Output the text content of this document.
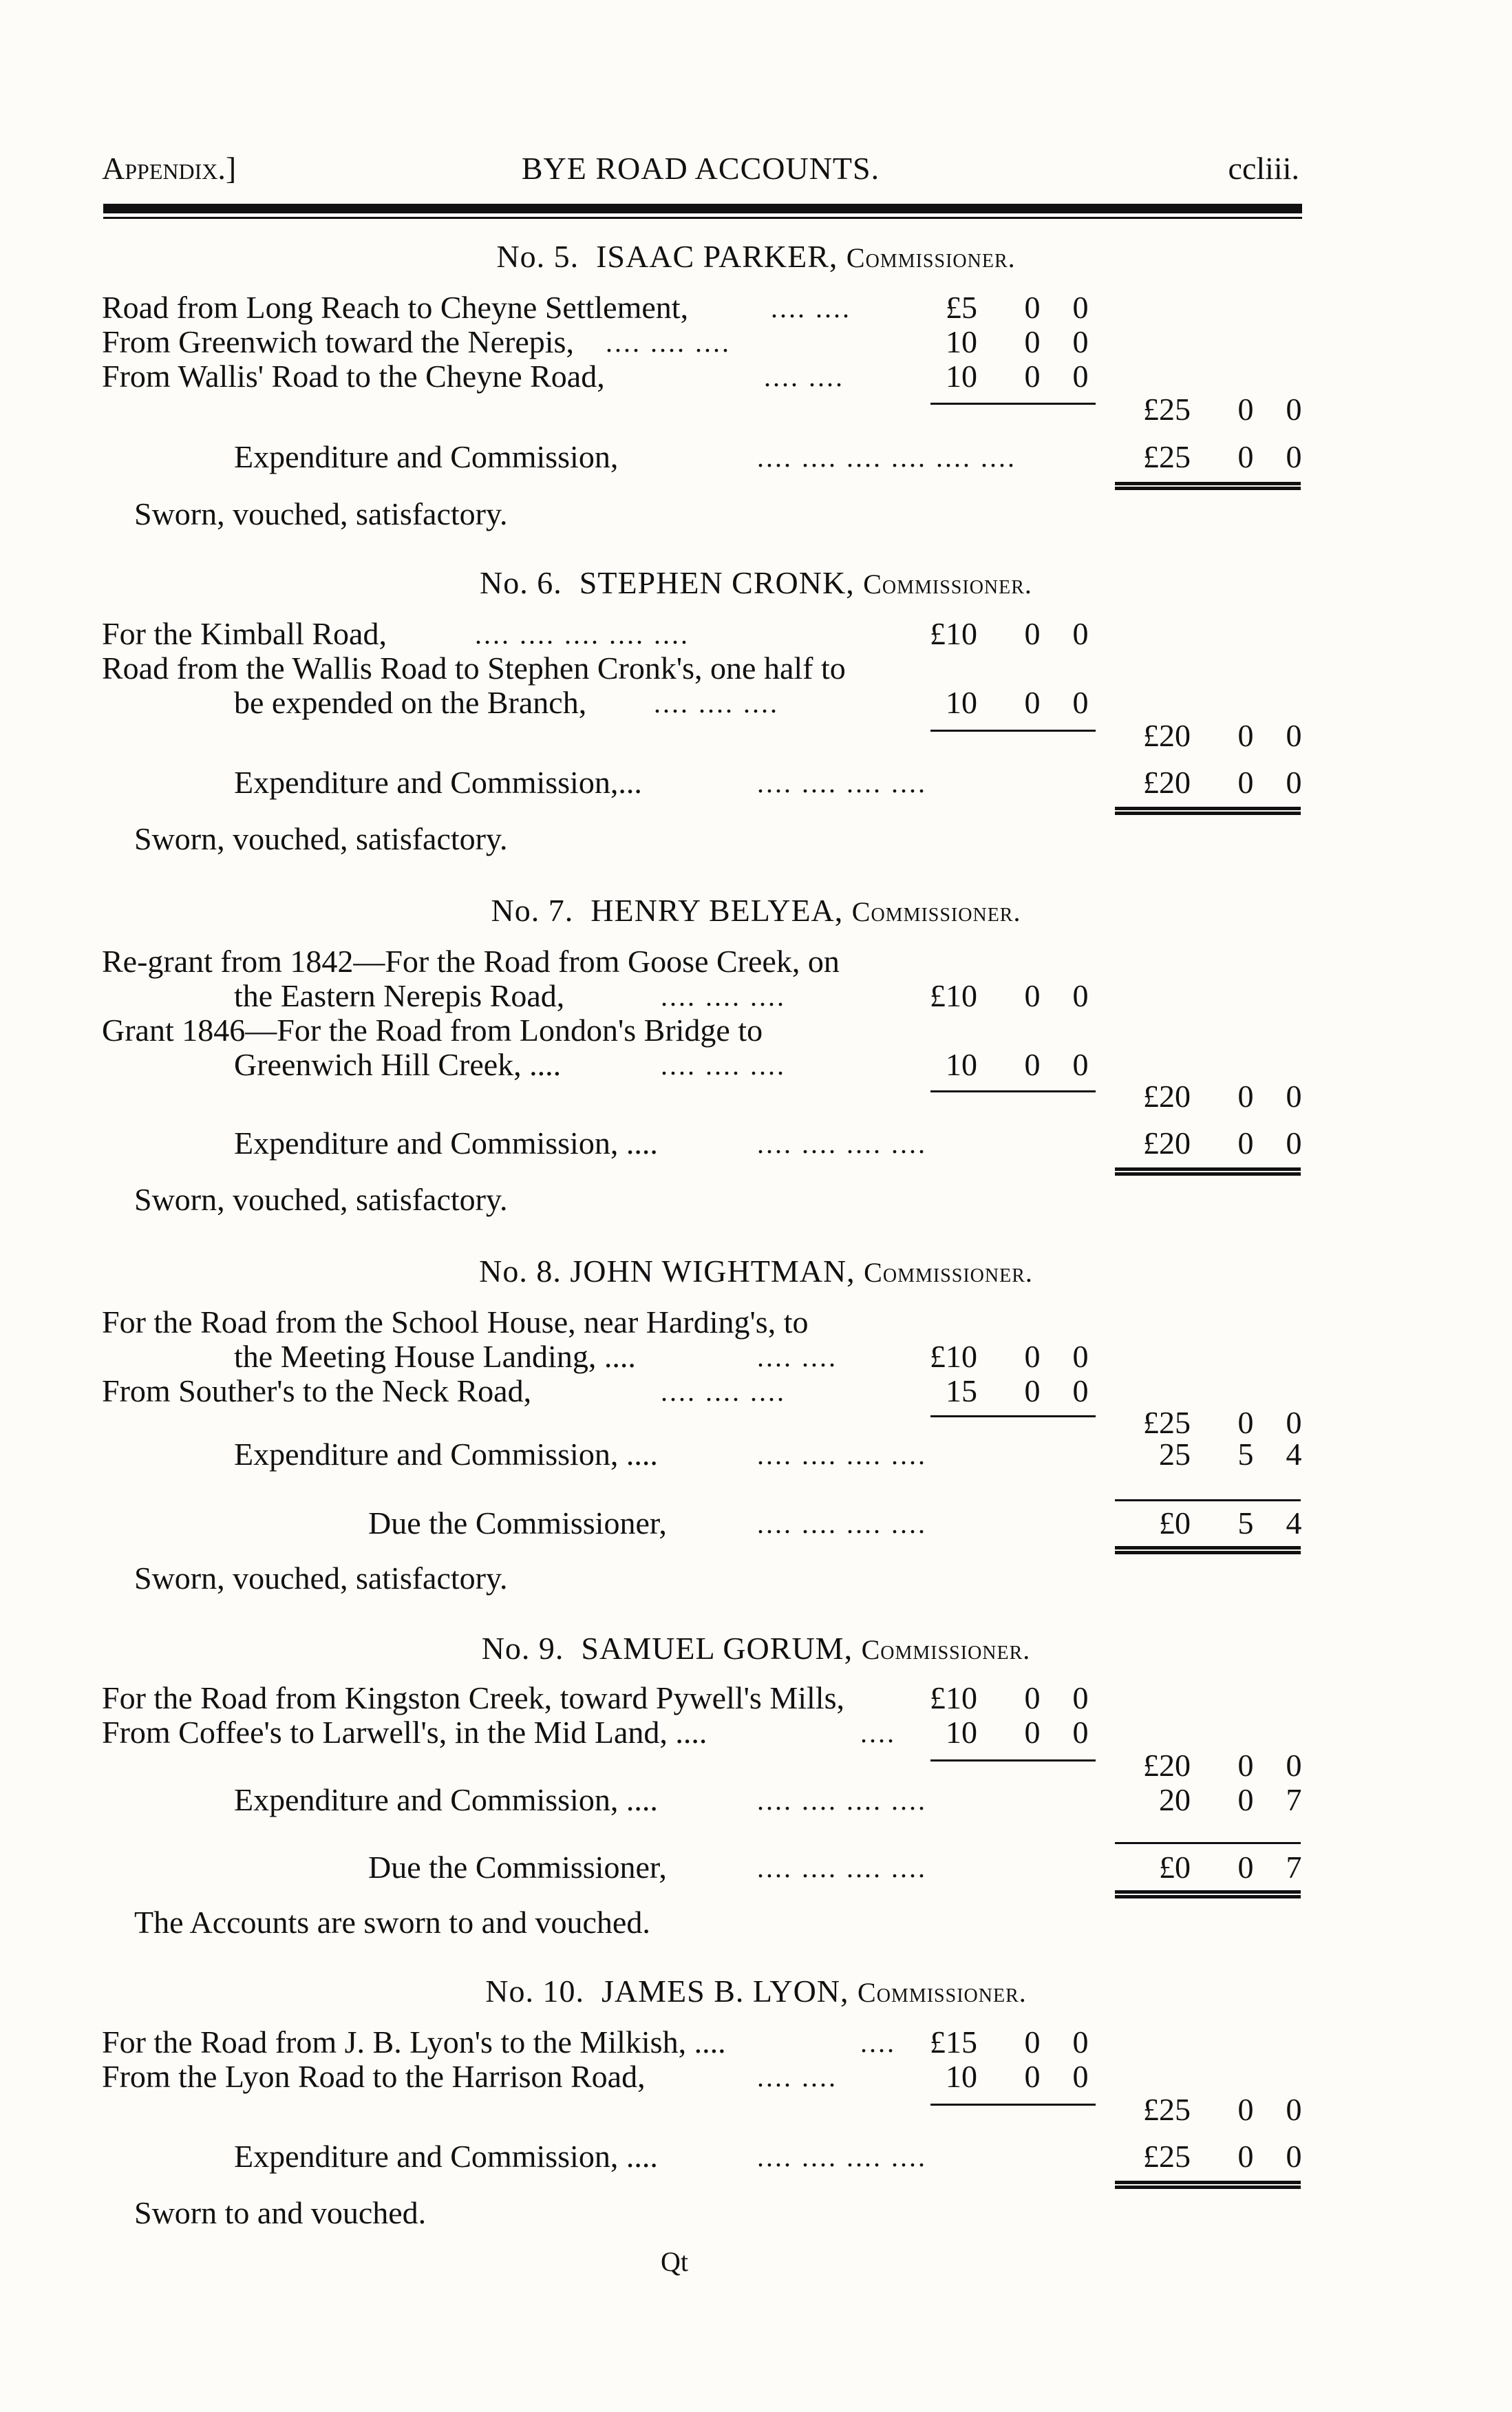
Appendix.]	BYE ROAD ACCOUNTS.	ccliii.
No. 5. ISAAC PARKER, Commissioner.
Road from Long Reach to Cheyne Settlement,	.... ....	£5 0 0
From Greenwich toward the Nerepis, .... .... ....	10 0 0
From Wallis' Road to the Cheyne Road,	.... ....	10 0 0
£25 0 0
Expenditure and Commission,	.... .... .... .... .... ....	£25 0 0
Sworn, vouched, satisfactory.
No. 6. STEPHEN CRONK, Commissioner.
For the Kimball Road,	.... .... .... .... ....	£10 0 0
Road from the Wallis Road to Stephen Cronk's, one half to
be expended on the Branch, .... .... ....	10 0 0
£20 0 0
Expenditure and Commission,...	.... .... .... ....	£20 0 0
Sworn, vouched, satisfactory.
No. 7. HENRY BELYEA, Commissioner.
Re-grant from 1842—For the Road from Goose Creek, on
the Eastern Nerepis Road,	.... .... ....	£10 0 0
Grant 1846—For the Road from London's Bridge to
Greenwich Hill Creek, ....	.... .... ....	10 0 0
£20 0 0
Expenditure and Commission, ....	.... .... .... ....	£20 0 0
Sworn, vouched, satisfactory.
No. 8. JOHN WIGHTMAN, Commissioner.
For the Road from the School House, near Harding's, to
the Meeting House Landing, ....	.... ....	£10 0 0
From Souther's to the Neck Road,	.... .... ....	15 0 0
£25 0 0
Expenditure and Commission, ....	.... .... .... ....	25 5 4
Due the Commissioner,	.... .... .... ....	£0 5 4
Sworn, vouched, satisfactory.
No. 9. SAMUEL GORUM, Commissioner.
For the Road from Kingston Creek, toward Pywell's Mills,	£10 0 0
From Coffee's to Larwell's, in the Mid Land, ....	.... 10 0 0
£20 0 0
Expenditure and Commission, ....	.... .... .... ....	20 0 7
Due the Commissioner,	.... .... .... ....	£0 0 7
The Accounts are sworn to and vouched.
No. 10. JAMES B. LYON, Commissioner.
For the Road from J. B. Lyon's to the Milkish, ....	.... £15 0 0
From the Lyon Road to the Harrison Road,	.... ....	10 0 0
£25 0 0
Expenditure and Commission, ....	.... .... .... ....	£25 0 0
Sworn to and vouched.
Qt
